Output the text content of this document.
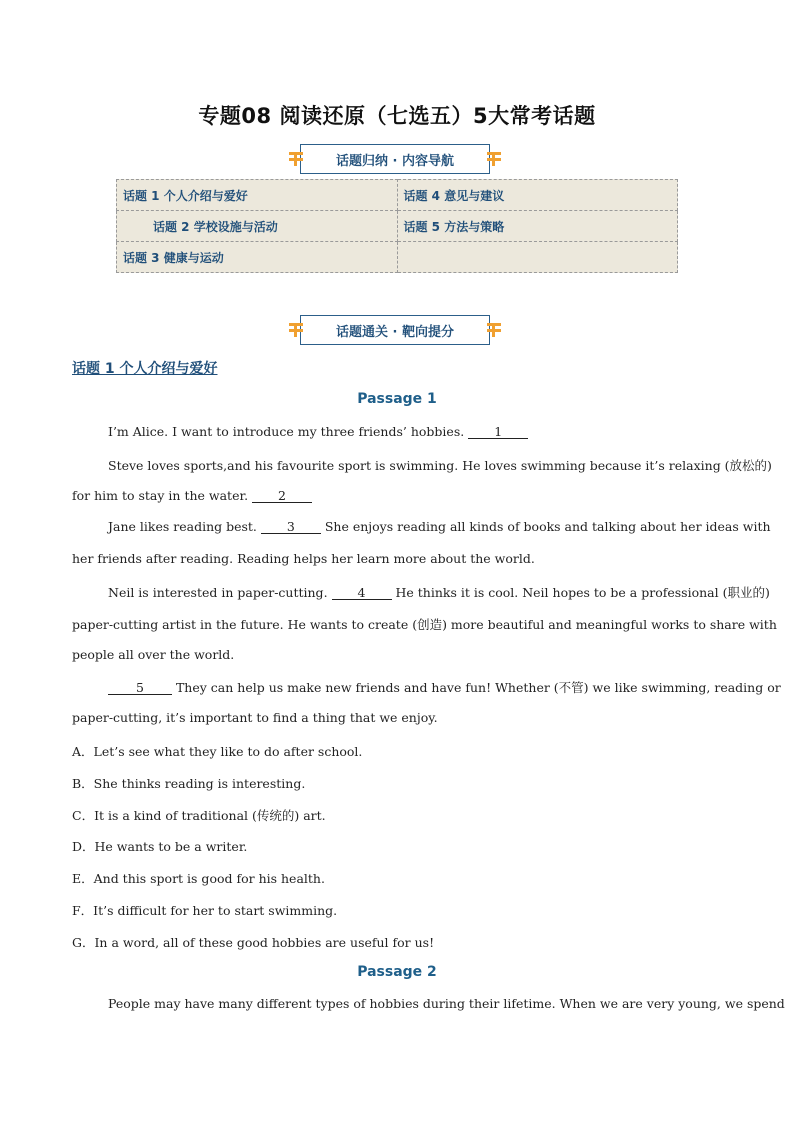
专题08 阅读还原（七选五）5大常考话题
话题归纳 · 内容导航
话题 1 个人介绍与爱好	话题 4 意见与建议
话题 2 学校设施与活动	话题 5 方法与策略
话题 3 健康与运动	
话题通关 · 靶向提分
话题 1 个人介绍与爱好
Passage 1
I’m Alice. I want to introduce my three friends’ hobbies. 1
Steve loves sports,and his favourite sport is swimming. He loves swimming because it’s relaxing (放松的)
for him to stay in the water. 2
Jane likes reading best. 3 She enjoys reading all kinds of books and talking about her ideas with
her friends after reading. Reading helps her learn more about the world.
Neil is interested in paper-cutting. 4 He thinks it is cool. Neil hopes to be a professional (职业的)
paper-cutting artist in the future. He wants to create (创造) more beautiful and meaningful works to share with
people all over the world.
5 They can help us make new friends and have fun! Whether (不管) we like swimming, reading or
paper-cutting, it’s important to find a thing that we enjoy.
A．Let’s see what they like to do after school.
B．She thinks reading is interesting.
C．It is a kind of traditional (传统的) art.
D．He wants to be a writer.
E．And this sport is good for his health.
F．It’s difficult for her to start swimming.
G．In a word, all of these good hobbies are useful for us!
Passage 2
People may have many different types of hobbies during their lifetime. When we are very young, we spend
